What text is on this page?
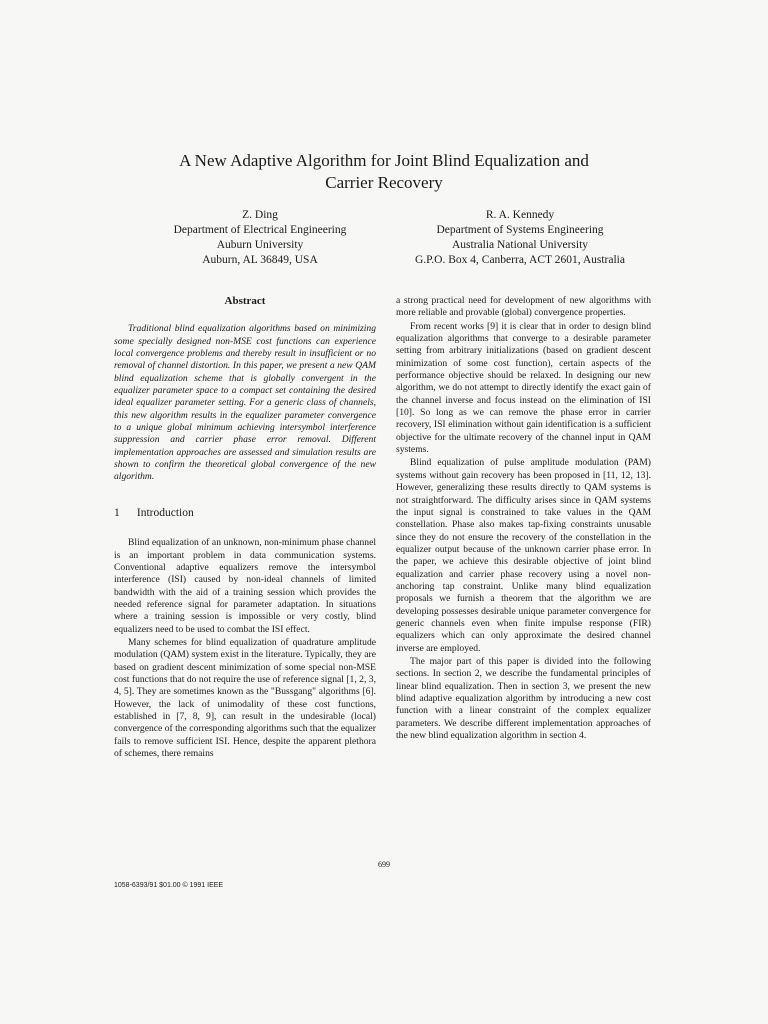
A New Adaptive Algorithm for Joint Blind Equalization and
Carrier Recovery
Z. Ding
Department of Electrical Engineering
Auburn University
Auburn, AL 36849, USA
R. A. Kennedy
Department of Systems Engineering
Australia National University
G.P.O. Box 4, Canberra, ACT 2601, Australia
Abstract

Traditional blind equalization algorithms based on minimizing some specially designed non-MSE cost functions can experience local convergence problems and thereby result in insufficient or no removal of channel distortion. In this paper, we present a new QAM blind equalization scheme that is globally convergent in the equalizer parameter space to a compact set containing the desired ideal equalizer parameter setting. For a generic class of channels, this new algorithm results in the equalizer parameter convergence to a unique global minimum achieving intersymbol interference suppression and carrier phase error removal. Different implementation approaches are assessed and simulation results are shown to confirm the theoretical global convergence of the new algorithm.

1 Introduction

Blind equalization of an unknown, non-minimum phase channel is an important problem in data communication systems. Conventional adaptive equalizers remove the intersymbol interference (ISI) caused by non-ideal channels of limited bandwidth with the aid of a training session which provides the needed reference signal for parameter adaptation. In situations where a training session is impossible or very costly, blind equalizers need to be used to combat the ISI effect.

Many schemes for blind equalization of quadrature amplitude modulation (QAM) system exist in the literature. Typically, they are based on gradient descent minimization of some special non-MSE cost functions that do not require the use of reference signal [1, 2, 3, 4, 5]. They are sometimes known as the "Bussgang" algorithms [6]. However, the lack of unimodality of these cost functions, established in [7, 8, 9], can result in the undesirable (local) convergence of the corresponding algorithms such that the equalizer fails to remove sufficient ISI. Hence, despite the apparent plethora of schemes, there remains

a strong practical need for development of new algorithms with more reliable and provable (global) convergence properties.

From recent works [9] it is clear that in order to design blind equalization algorithms that converge to a desirable parameter setting from arbitrary initializations (based on gradient descent minimization of some cost function), certain aspects of the performance objective should be relaxed. In designing our new algorithm, we do not attempt to directly identify the exact gain of the channel inverse and focus instead on the elimination of ISI [10]. So long as we can remove the phase error in carrier recovery, ISI elimination without gain identification is a sufficient objective for the ultimate recovery of the channel input in QAM systems.

Blind equalization of pulse amplitude modulation (PAM) systems without gain recovery has been proposed in [11, 12, 13]. However, generalizing these results directly to QAM systems is not straightforward. The difficulty arises since in QAM systems the input signal is constrained to take values in the QAM constellation. Phase also makes tap-fixing constraints unusable since they do not ensure the recovery of the constellation in the equalizer output because of the unknown carrier phase error. In the paper, we achieve this desirable objective of joint blind equalization and carrier phase recovery using a novel non-anchoring tap constraint. Unlike many blind equalization proposals we furnish a theorem that the algorithm we are developing possesses desirable unique parameter convergence for generic channels even when finite impulse response (FIR) equalizers which can only approximate the desired channel inverse are employed.

The major part of this paper is divided into the following sections. In section 2, we describe the fundamental principles of linear blind equalization. Then in section 3, we present the new blind adaptive equalization algorithm by introducing a new cost function with a linear constraint of the complex equalizer parameters. We describe different implementation approaches of the new blind equalization algorithm in section 4.

699
1058-6393/91 $01.00 © 1991 IEEE
